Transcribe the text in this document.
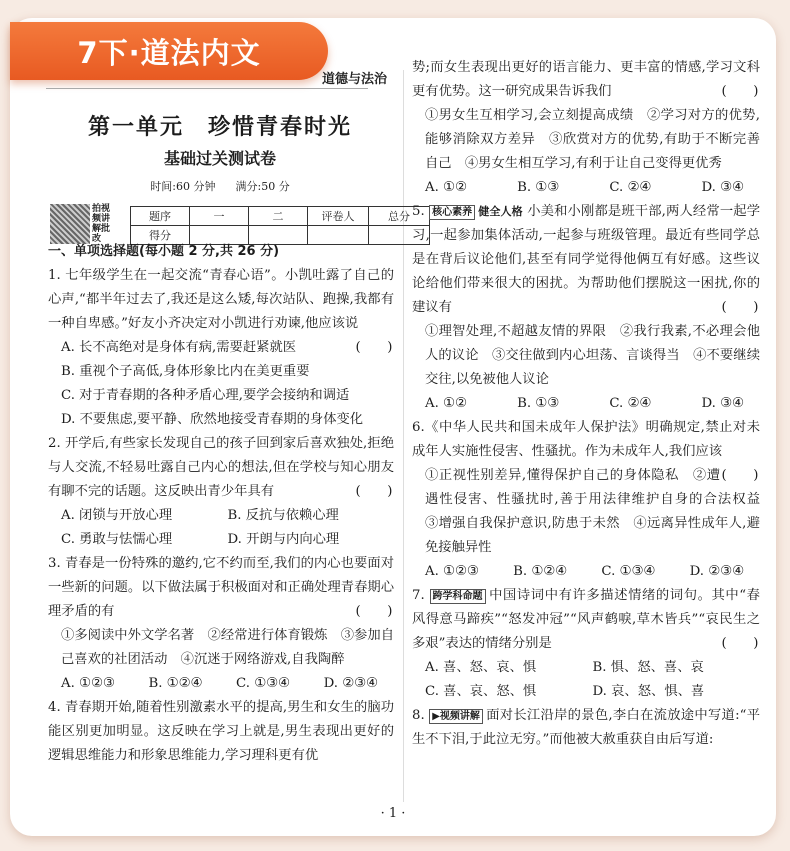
7下·道法内文
道德与法治
第一单元　珍惜青春时光
基础过关测试卷
时间:60 分钟 满分:50 分
拍视频讲解批改
题序	一	二	评卷人	总分
得分				

一、单项选择题(每小题 2 分,共 26 分)

1. 七年级学生在一起交流“青春心语”。小凯吐露了自己的心声,“都半年过去了,我还是这么矮,每次站队、跑操,我都有一种自卑感。”好友小齐决定对小凯进行劝谏,他应该说
(　　)

A. 长不高绝对是身体有病,需要赶紧就医

B. 重视个子高低,身体形象比内在美更重要

C. 对于青春期的各种矛盾心理,要学会接纳和调适

D. 不要焦虑,要平静、欣然地接受青春期的身体变化

2. 开学后,有些家长发现自己的孩子回到家后喜欢独处,拒绝与人交流,不轻易吐露自己内心的想法,但在学校与知心朋友有聊不完的话题。这反映出青少年具有	(　　)

A. 闭锁与开放心理	B. 反抗与依赖心理
C. 勇敢与怯懦心理	D. 开朗与内向心理

3. 青春是一份特殊的邀约,它不约而至,我们的内心也要面对一些新的问题。以下做法属于积极面对和正确处理青春期心理矛盾的有	(　　)

①多阅读中外文学名著　②经常进行体育锻炼　③参加自己喜欢的社团活动　④沉迷于网络游戏,自我陶醉

A. ①②③	B. ①②④	C. ①③④	D. ②③④

4. 青春期开始,随着性别激素水平的提高,男生和女生的脑功能区别更加明显。这反映在学习上就是,男生表现出更好的逻辑思维能力和形象思维能力,学习理科更有优

势;而女生表现出更好的语言能力、更丰富的情感,学习文科更有优势。这一研究成果告诉我们	(　　)

①男女生互相学习,会立刻提高成绩　②学习对方的优势,能够消除双方差异　③欣赏对方的优势,有助于不断完善自己　④男女生相互学习,有利于让自己变得更优秀

A. ①②	B. ①③	C. ②④	D. ③④

5. 核心素养 健全人格 小美和小刚都是班干部,两人经常一起学习,一起参加集体活动,一起参与班级管理。最近有些同学总是在背后议论他们,甚至有同学觉得他俩互有好感。这些议论给他们带来很大的困扰。为帮助他们摆脱这一困扰,你的建议有	(　　)

①理智处理,不超越友情的界限　②我行我素,不必理会他人的议论　③交往做到内心坦荡、言谈得当　④不要继续交往,以免被他人议论

A. ①②	B. ①③	C. ②④	D. ③④

6.《中华人民共和国未成年人保护法》明确规定,禁止对未成年人实施性侵害、性骚扰。作为未成年人,我们应该
(　　)

①正视性别差异,懂得保护自己的身体隐私　②遭遇性侵害、性骚扰时,善于用法律维护自身的合法权益　③增强自我保护意识,防患于未然　④远离异性成年人,避免接触异性

A. ①②③	B. ①②④	C. ①③④	D. ②③④

7. 跨学科命题 中国诗词中有许多描述情绪的词句。其中“春风得意马蹄疾”“怒发冲冠”“风声鹤唳,草木皆兵”“哀民生之多艰”表达的情绪分别是	(　　)

A. 喜、怒、哀、惧	B. 惧、怒、喜、哀
C. 喜、哀、怒、惧	D. 哀、怒、惧、喜

8. ▶视频讲解 面对长江沿岸的景色,李白在流放途中写道:“平生不下泪,于此泣无穷。”而他被大赦重获自由后写道:

· 1 ·
